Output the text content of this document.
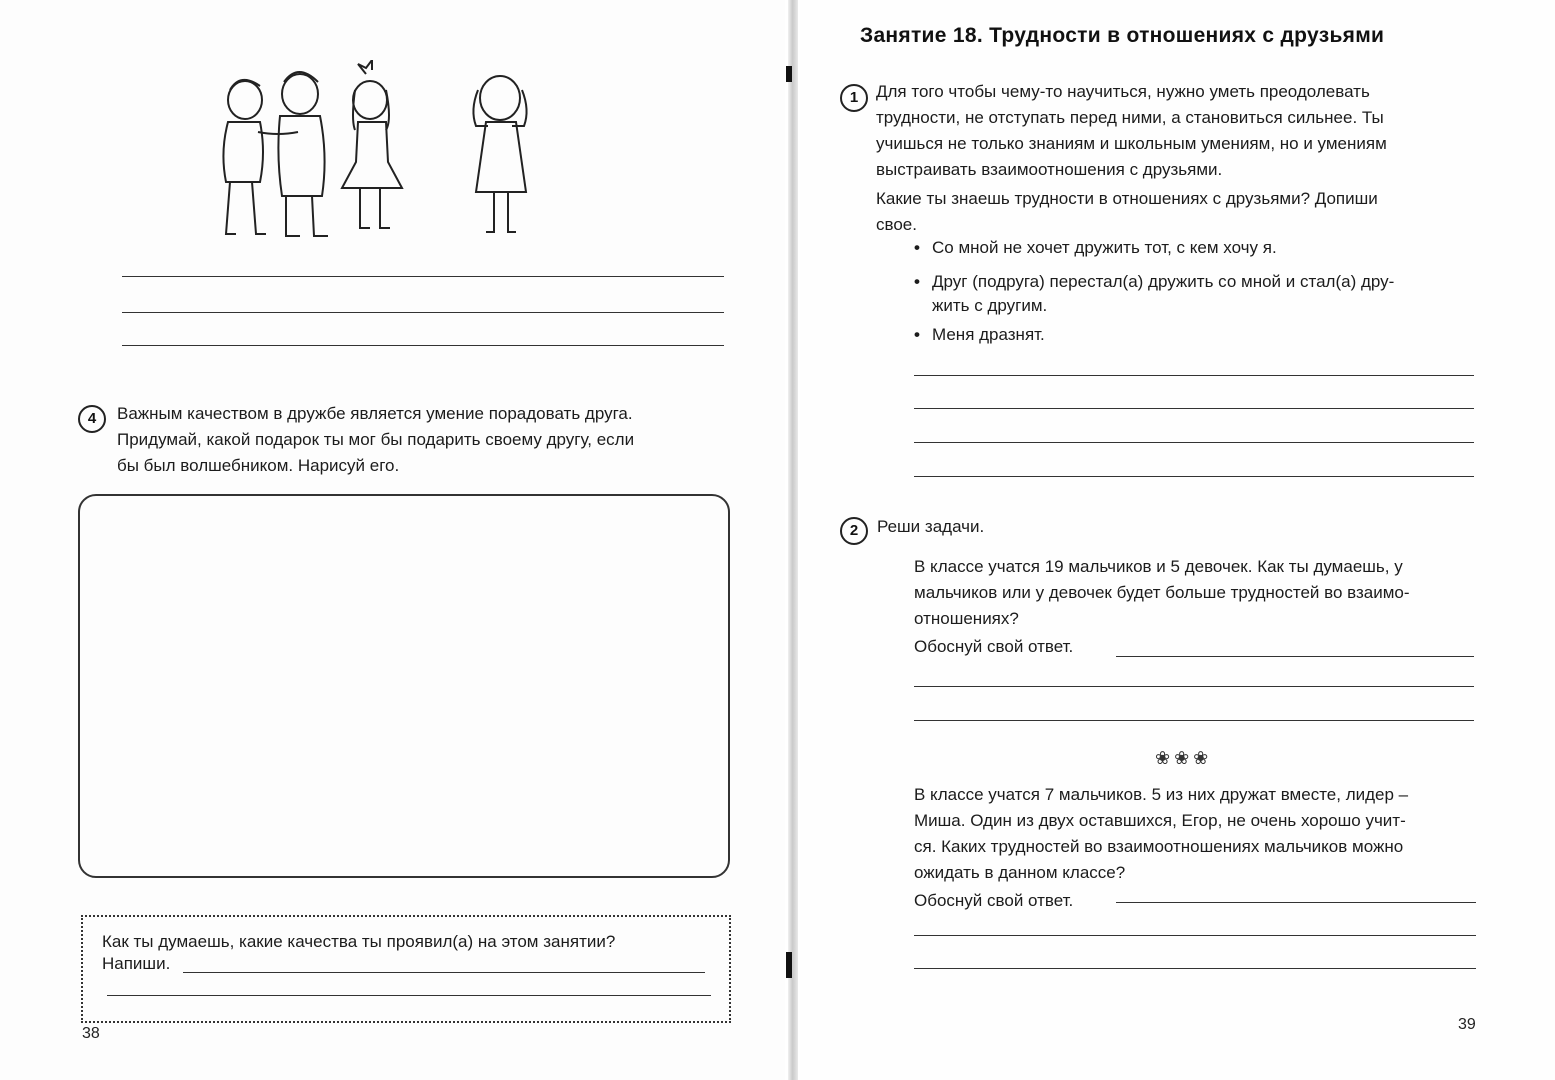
4	Важным качеством в дружбе является умение порадовать друга.
Придумай, какой подарок ты мог бы подарить своему другу, если
бы был волшебником. Нарисуй его.
Как ты думаешь, какие качества ты проявил(а) на этом занятии?
Напиши.
38
Занятие 18. Трудности в отношениях с друзьями
1	Для того чтобы чему-то научиться, нужно уметь преодолевать
трудности, не отступать перед ними, а становиться сильнее. Ты
учишься не только знаниям и школьным умениям, но и умениям
выстраивать взаимоотношения с друзьями.
Какие ты знаешь трудности в отношениях с друзьями? Допиши
свое.
• Со мной не хочет дружить тот, с кем хочу я.
• Друг (подруга) перестал(а) дружить со мной и стал(а) дру-
жить с другим.
• Меня дразнят.
2	Реши задачи.
В классе учатся 19 мальчиков и 5 девочек. Как ты думаешь, у
мальчиков или у девочек будет больше трудностей во взаимо-
отношениях?
Обоснуй свой ответ.
❀❀❀
В классе учатся 7 мальчиков. 5 из них дружат вместе, лидер –
Миша. Один из двух оставшихся, Егор, не очень хорошо учит-
ся. Каких трудностей во взаимоотношениях мальчиков можно
ожидать в данном классе?
Обоснуй свой ответ.
39
